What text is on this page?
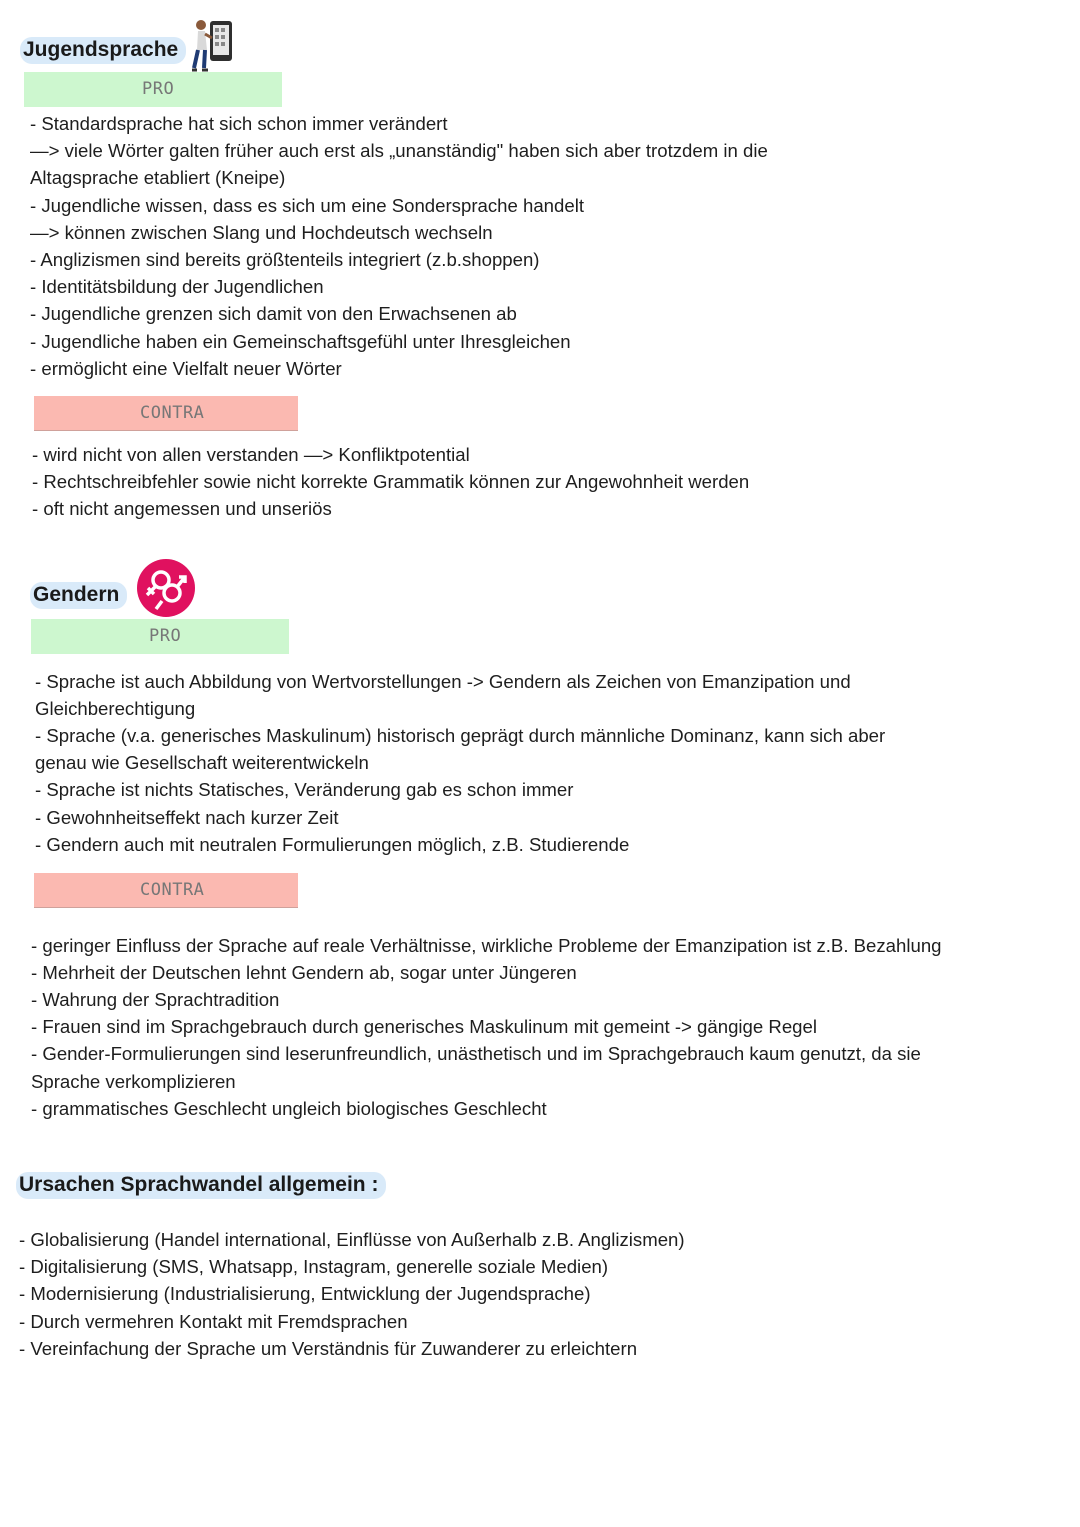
Jugendsprache
PRO
- Standardsprache hat sich schon immer verändert
—> viele Wörter galten früher auch erst als „unanständig" haben sich aber trotzdem in die
Altagsprache etabliert (Kneipe)
- Jugendliche wissen, dass es sich um eine Sondersprache handelt
—> können zwischen Slang und Hochdeutsch wechseln
- Anglizismen sind bereits größtenteils integriert (z.b.shoppen)
- Identitätsbildung der Jugendlichen
- Jugendliche grenzen sich damit von den Erwachsenen ab
- Jugendliche haben ein Gemeinschaftsgefühl unter Ihresgleichen
- ermöglicht eine Vielfalt neuer Wörter
CONTRA
- wird nicht von allen verstanden —> Konfliktpotential
- Rechtschreibfehler sowie nicht korrekte Grammatik können zur Angewohnheit werden
- oft nicht angemessen und unseriös
Gendern
PRO
- Sprache ist auch Abbildung von Wertvorstellungen -> Gendern als Zeichen von Emanzipation und
Gleichberechtigung
- Sprache (v.a. generisches Maskulinum) historisch geprägt durch männliche Dominanz, kann sich aber
genau wie Gesellschaft weiterentwickeln
- Sprache ist nichts Statisches, Veränderung gab es schon immer
- Gewohnheitseffekt nach kurzer Zeit
- Gendern auch mit neutralen Formulierungen möglich, z.B. Studierende
CONTRA
- geringer Einfluss der Sprache auf reale Verhältnisse, wirkliche Probleme der Emanzipation ist z.B. Bezahlung
- Mehrheit der Deutschen lehnt Gendern ab, sogar unter Jüngeren
- Wahrung der Sprachtradition
- Frauen sind im Sprachgebrauch durch generisches Maskulinum mit gemeint -> gängige Regel
- Gender-Formulierungen sind leserunfreundlich, unästhetisch und im Sprachgebrauch kaum genutzt, da sie
Sprache verkomplizieren
- grammatisches Geschlecht ungleich biologisches Geschlecht
Ursachen Sprachwandel allgemein :
- Globalisierung (Handel international, Einflüsse von Außerhalb z.B. Anglizismen)
- Digitalisierung (SMS, Whatsapp, Instagram, generelle soziale Medien)
- Modernisierung (Industrialisierung, Entwicklung der Jugendsprache)
- Durch vermehren Kontakt mit Fremdsprachen
- Vereinfachung der Sprache um Verständnis für Zuwanderer zu erleichtern
